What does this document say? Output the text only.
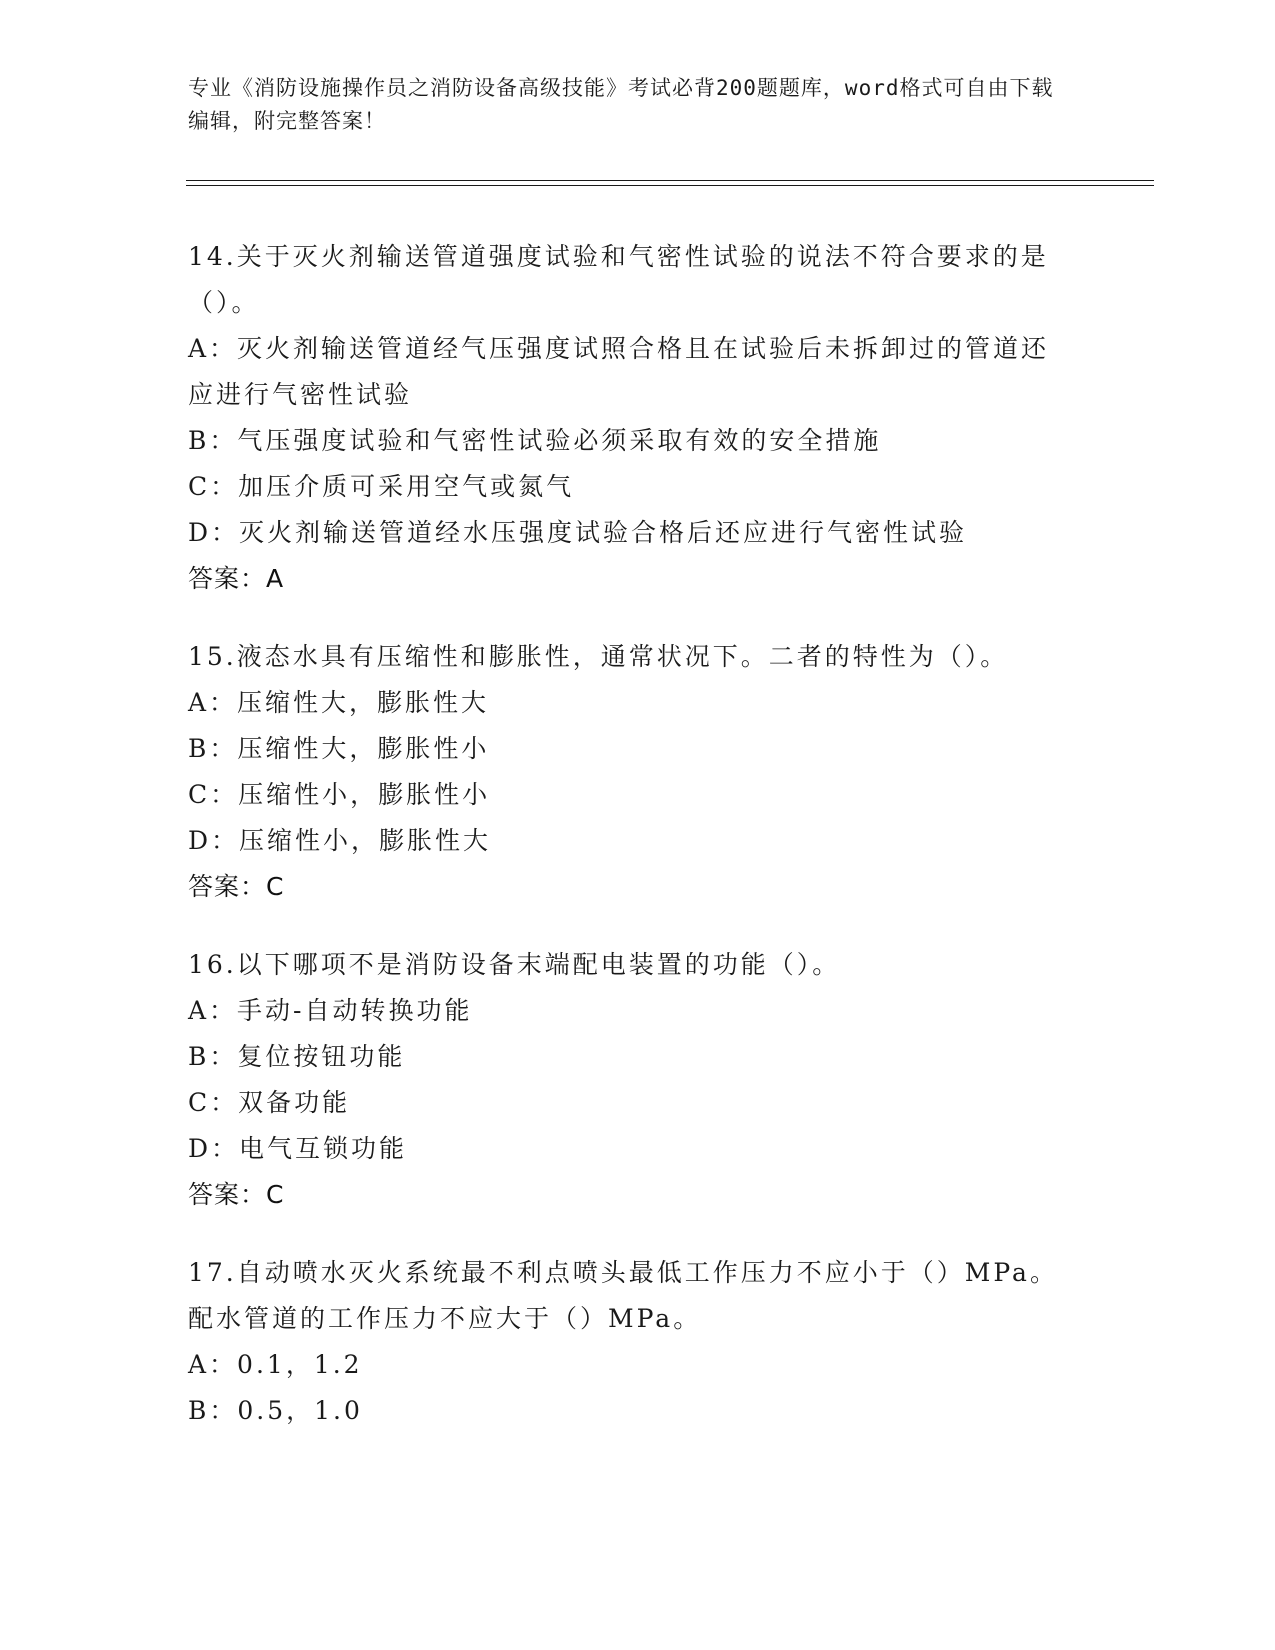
专业《消防设施操作员之消防设备高级技能》考试必背200题题库，word格式可自由下载编辑，附完整答案！
14.关于灭火剂输送管道强度试验和气密性试验的说法不符合要求的是
（）。
A：灭火剂输送管道经气压强度试照合格且在试验后未拆卸过的管道还
应进行气密性试验
B：气压强度试验和气密性试验必须采取有效的安全措施
C：加压介质可采用空气或氮气
D：灭火剂输送管道经水压强度试验合格后还应进行气密性试验
答案：A
15.液态水具有压缩性和膨胀性，通常状况下。二者的特性为（）。
A：压缩性大，膨胀性大
B：压缩性大，膨胀性小
C：压缩性小，膨胀性小
D：压缩性小，膨胀性大
答案：C
16.以下哪项不是消防设备末端配电装置的功能（）。
A：手动-自动转换功能
B：复位按钮功能
C：双备功能
D：电气互锁功能
答案：C
17.自动喷水灭火系统最不利点喷头最低工作压力不应小于（）MPa。
配水管道的工作压力不应大于（）MPa。
A：0.1，1.2
B：0.5，1.0
